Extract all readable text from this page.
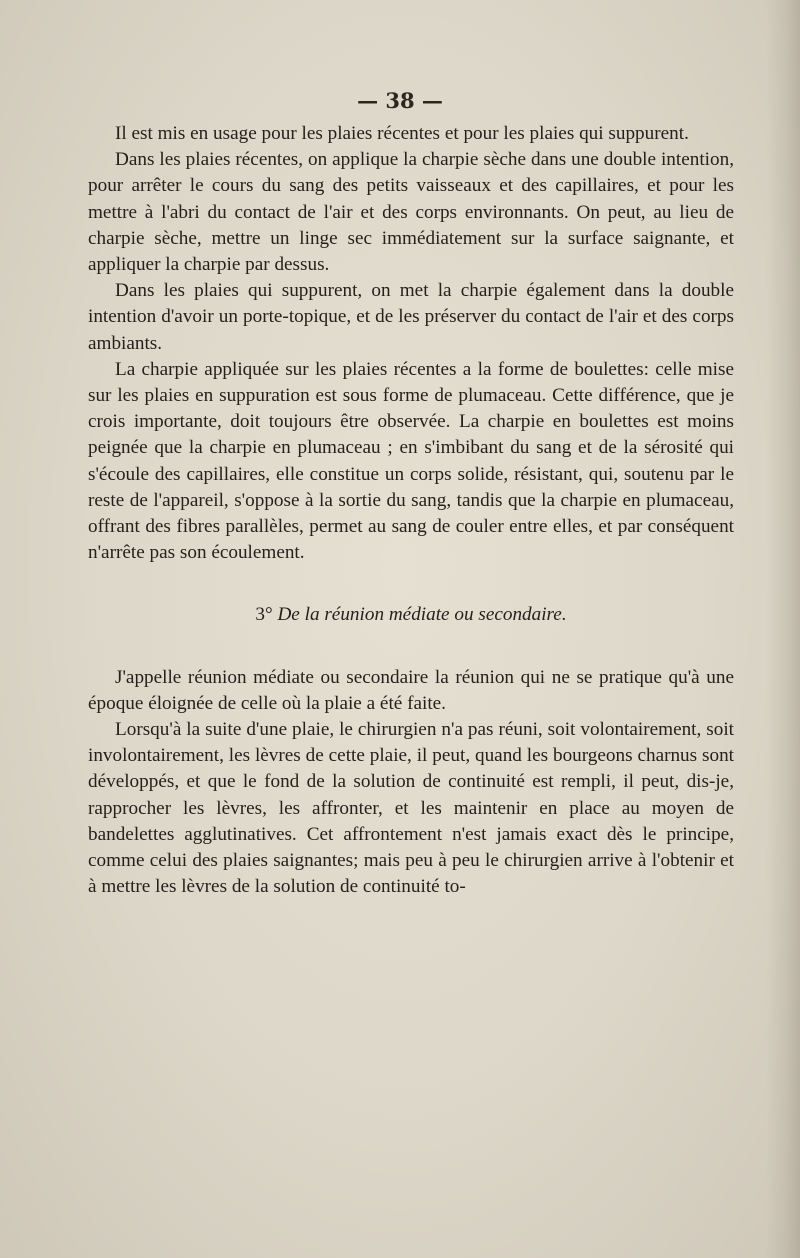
— 38 —

Il est mis en usage pour les plaies récentes et pour les plaies qui suppurent.

Dans les plaies récentes, on applique la charpie sèche dans une double intention, pour arrêter le cours du sang des petits vaisseaux et des capillaires, et pour les mettre à l'abri du contact de l'air et des corps environnants. On peut, au lieu de charpie sèche, mettre un linge sec immédiatement sur la surface saignante, et appliquer la charpie par dessus.

Dans les plaies qui suppurent, on met la charpie également dans la double intention d'avoir un porte-topique, et de les préserver du contact de l'air et des corps ambiants.

La charpie appliquée sur les plaies récentes a la forme de boulettes: celle mise sur les plaies en suppuration est sous forme de plumaceau. Cette différence, que je crois importante, doit toujours être observée. La charpie en boulettes est moins peignée que la charpie en plumaceau ; en s'imbibant du sang et de la sérosité qui s'écoule des capillaires, elle constitue un corps solide, résistant, qui, soutenu par le reste de l'appareil, s'oppose à la sortie du sang, tandis que la charpie en plumaceau, offrant des fibres parallèles, permet au sang de couler entre elles, et par conséquent n'arrête pas son écoulement.

3° De la réunion médiate ou secondaire.

J'appelle réunion médiate ou secondaire la réunion qui ne se pratique qu'à une époque éloignée de celle où la plaie a été faite.

Lorsqu'à la suite d'une plaie, le chirurgien n'a pas réuni, soit volontairement, soit involontairement, les lèvres de cette plaie, il peut, quand les bourgeons charnus sont développés, et que le fond de la solution de continuité est rempli, il peut, dis-je, rapprocher les lèvres, les affronter, et les maintenir en place au moyen de bandelettes agglutinatives. Cet affrontement n'est jamais exact dès le principe, comme celui des plaies saignantes; mais peu à peu le chirurgien arrive à l'obtenir et à mettre les lèvres de la solution de continuité to-
